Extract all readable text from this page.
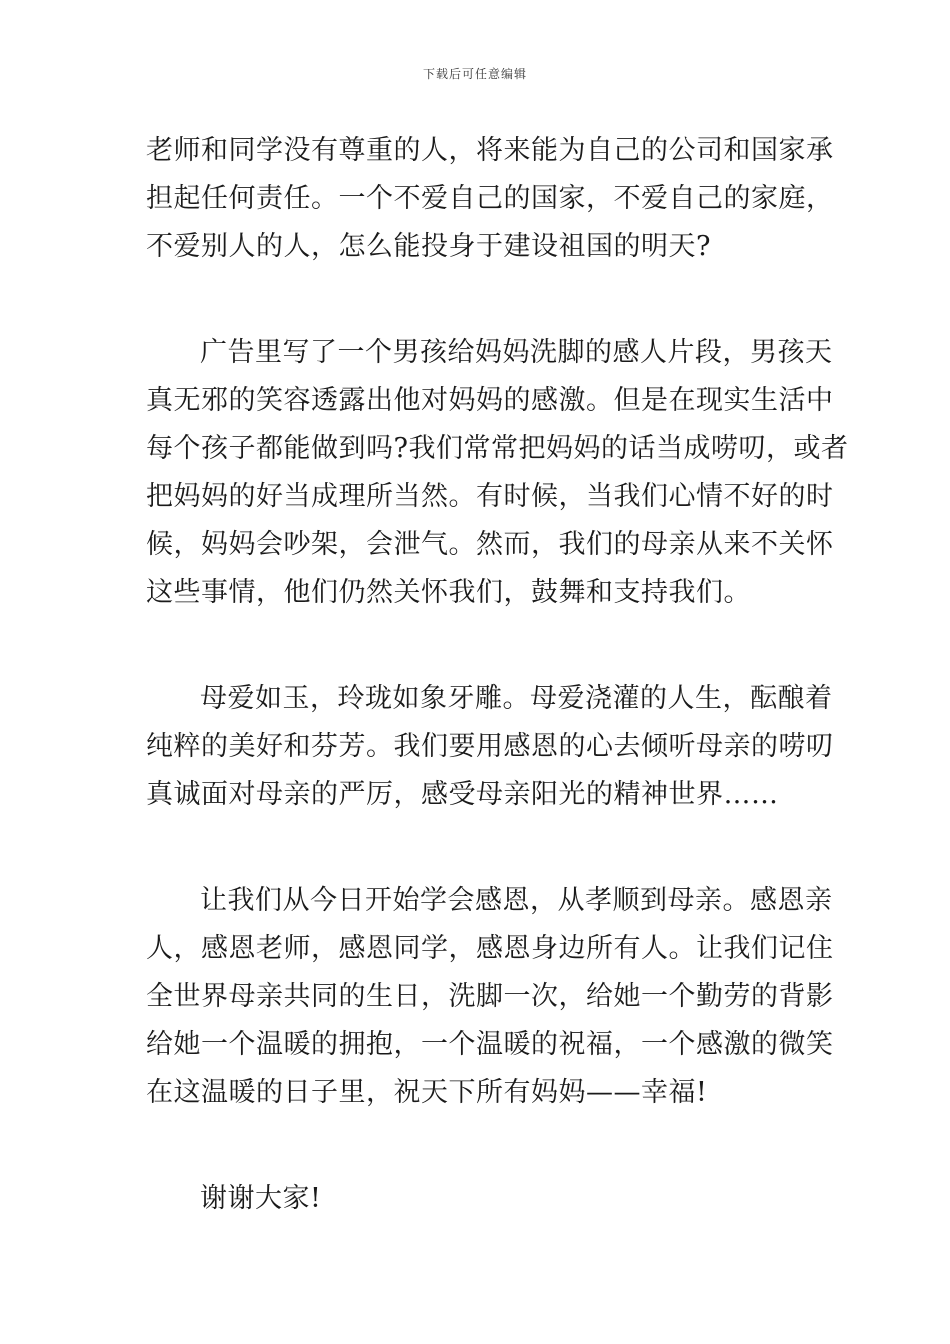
下载后可任意编辑
老师和同学没有尊重的人，将来能为自己的公司和国家承
担起任何责任。一个不爱自己的国家，不爱自己的家庭，
不爱别人的人，怎么能投身于建设祖国的明天?
广告里写了一个男孩给妈妈洗脚的感人片段，男孩天
真无邪的笑容透露出他对妈妈的感激。但是在现实生活中
每个孩子都能做到吗?我们常常把妈妈的话当成唠叨，或者
把妈妈的好当成理所当然。有时候，当我们心情不好的时
候，妈妈会吵架，会泄气。然而，我们的母亲从来不关怀
这些事情，他们仍然关怀我们，鼓舞和支持我们。
母爱如玉，玲珑如象牙雕。母爱浇灌的人生，酝酿着
纯粹的美好和芬芳。我们要用感恩的心去倾听母亲的唠叨
真诚面对母亲的严厉，感受母亲阳光的精神世界……
让我们从今日开始学会感恩，从孝顺到母亲。感恩亲
人，感恩老师，感恩同学，感恩身边所有人。让我们记住
全世界母亲共同的生日，洗脚一次，给她一个勤劳的背影
给她一个温暖的拥抱，一个温暖的祝福，一个感激的微笑
在这温暖的日子里，祝天下所有妈妈——幸福!
谢谢大家!
